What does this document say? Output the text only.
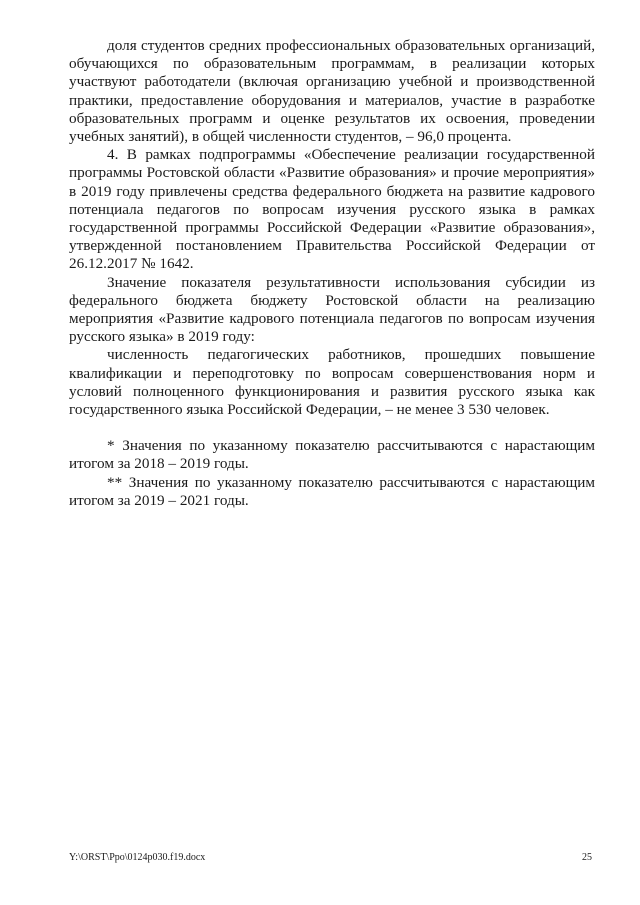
доля студентов средних профессиональных образовательных организаций, обучающихся по образовательным программам, в реализации которых участвуют работодатели (включая организацию учебной и производственной практики, предоставление оборудования и материалов, участие в разработке образовательных программ и оценке результатов их освоения, проведении учебных занятий), в общей численности студентов, – 96,0 процента.

4. В рамках подпрограммы «Обеспечение реализации государственной программы Ростовской области «Развитие образования» и прочие мероприятия» в 2019 году привлечены средства федерального бюджета на развитие кадрового потенциала педагогов по вопросам изучения русского языка в рамках государственной программы Российской Федерации «Развитие образования», утвержденной постановлением Правительства Российской Федерации от 26.12.2017 № 1642.

Значение показателя результативности использования субсидии из федерального бюджета бюджету Ростовской области на реализацию мероприятия «Развитие кадрового потенциала педагогов по вопросам изучения русского языка» в 2019 году:

численность педагогических работников, прошедших повышение квалификации и переподготовку по вопросам совершенствования норм и условий полноценного функционирования и развития русского языка как государственного языка Российской Федерации, – не менее 3 530 человек.

* Значения по указанному показателю рассчитываются с нарастающим итогом за 2018 – 2019 годы.

** Значения по указанному показателю рассчитываются с нарастающим итогом за 2019 – 2021 годы.

Y:\ORST\Ppo\0124p030.f19.docx	25
